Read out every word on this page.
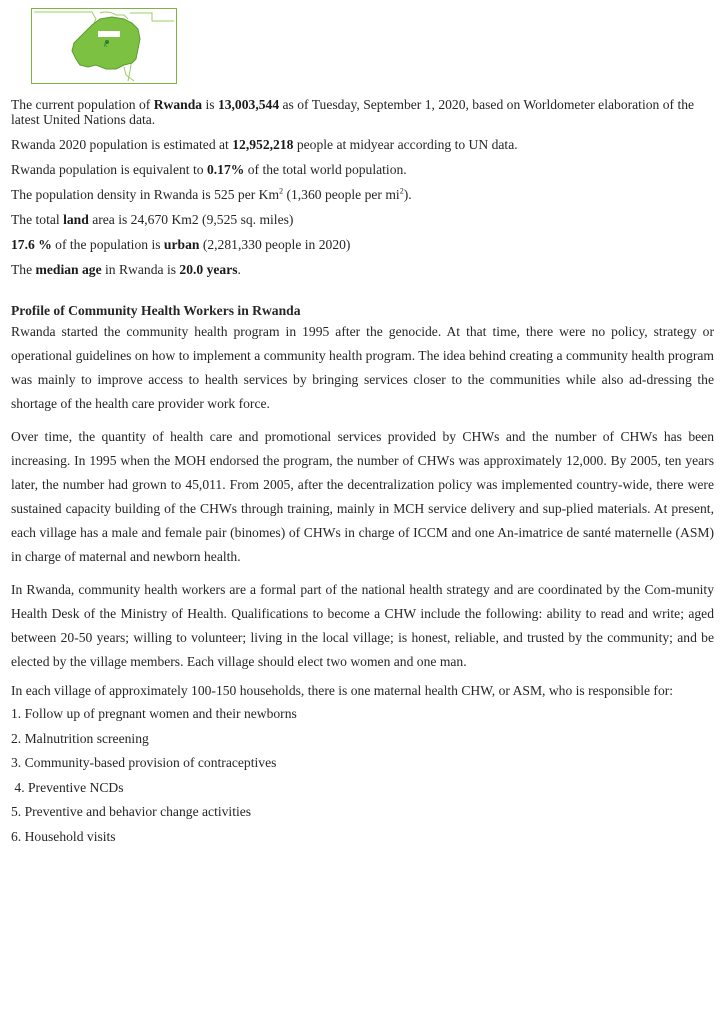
K

The current population of Rwanda is 13,003,544 as of Tuesday, September 1, 2020, based on Worldometer elaboration of the latest United Nations data.

Rwanda 2020 population is estimated at 12,952,218 people at midyear according to UN data.

Rwanda population is equivalent to 0.17% of the total world population.

The population density in Rwanda is 525 per Km$^2$ (1,360 people per $mi^2$).

The total land area is 24,670 Km2 (9,525 sq. miles)

17.6 % of the population is urban (2,281,330 people in 2020)

The median age in Rwanda is 20.0 years.

Profile of Community Health Workers in Rwanda

Rwanda started the community health program in 1995 after the genocide. At that time, there were no policy, strategy or operational guidelines on how to implement a community health program. The idea behind creating a community health program was mainly to improve access to health services by bringing services closer to the communities while also ad-dressing the shortage of the health care provider work force.

Over time, the quantity of health care and promotional services provided by CHWs and the number of CHWs has been increasing. In 1995 when the MOH endorsed the program, the number of CHWs was approximately 12,000. By 2005, ten years later, the number had grown to 45,011. From 2005, after the decentralization policy was implemented country-wide, there were sustained capacity building of the CHWs through training, mainly in MCH service delivery and sup-plied materials. At present, each village has a male and female pair (binomes) of CHWs in charge of ICCM and one An-imatrice de santé maternelle (ASM) in charge of maternal and newborn health.

In Rwanda, community health workers are a formal part of the national health strategy and are coordinated by the Com-munity Health Desk of the Ministry of Health. Qualifications to become a CHW include the following: ability to read and write; aged between 20-50 years; willing to volunteer; living in the local village; is honest, reliable, and trusted by the community; and be elected by the village members. Each village should elect two women and one man.

In each village of approximately 100-150 households, there is one maternal health CHW, or ASM, who is responsible for:

1. Follow up of pregnant women and their newborns

2. Malnutrition screening

3. Community-based provision of contraceptives

4. Preventive NCDs

5. Preventive and behavior change activities

6. Household visits
